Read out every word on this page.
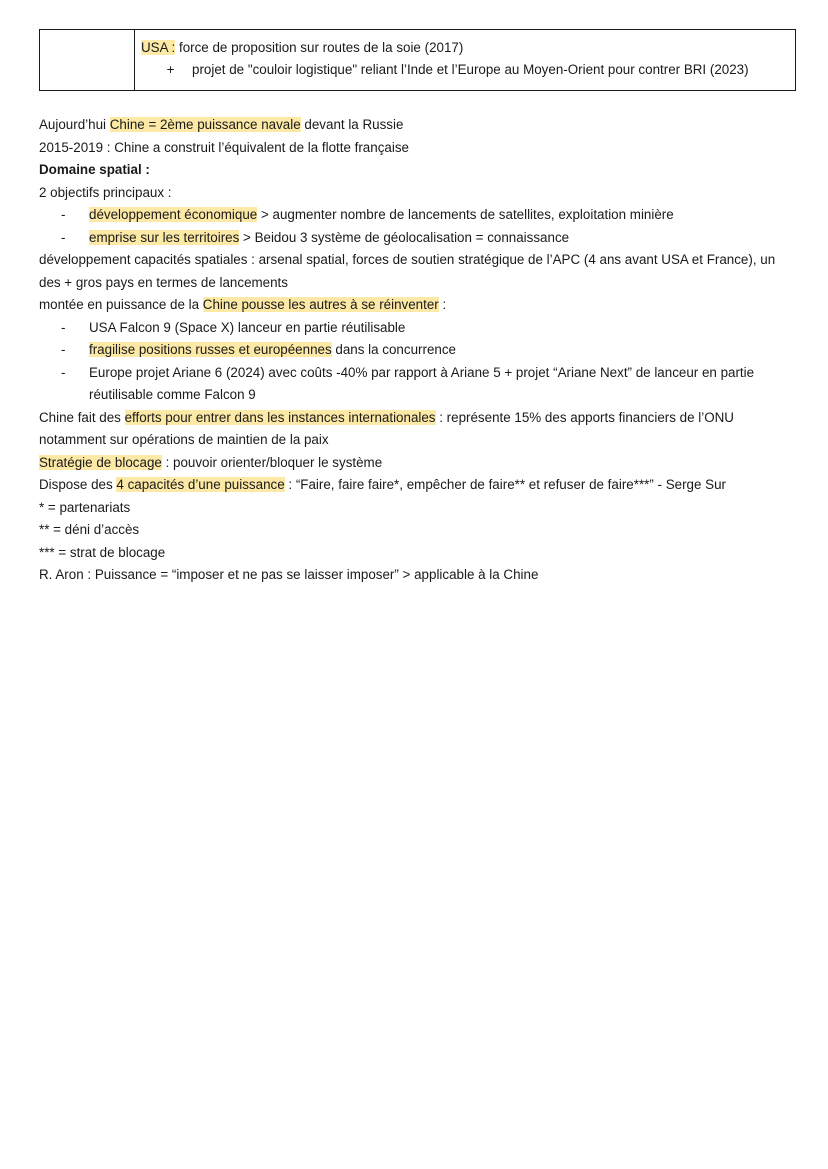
USA : force de proposition sur routes de la soie (2017)
+	projet de "couloir logistique" reliant l’Inde et l’Europe au Moyen-Orient pour contrer BRI (2023)
Aujourd’hui Chine = 2ème puissance navale devant la Russie
2015-2019 : Chine a construit l’équivalent de la flotte française
Domaine spatial :
2 objectifs principaux :
-	développement économique > augmenter nombre de lancements de satellites, exploitation minière
-	emprise sur les territoires > Beidou 3 système de géolocalisation = connaissance
développement capacités spatiales : arsenal spatial, forces de soutien stratégique de l’APC (4 ans avant USA et France), un des + gros pays en termes de lancements
montée en puissance de la Chine pousse les autres à se réinventer :
-	USA Falcon 9 (Space X) lanceur en partie réutilisable
-	fragilise positions russes et européennes dans la concurrence
-	Europe projet Ariane 6 (2024) avec coûts -40% par rapport à Ariane 5 + projet “Ariane Next” de lanceur en partie réutilisable comme Falcon 9
Chine fait des efforts pour entrer dans les instances internationales : représente 15% des apports financiers de l’ONU notamment sur opérations de maintien de la paix
Stratégie de blocage : pouvoir orienter/bloquer le système
Dispose des 4 capacités d’une puissance : “Faire, faire faire*, empêcher de faire** et refuser de faire***” - Serge Sur
* = partenariats
** = déni d’accès
*** = strat de blocage
R. Aron : Puissance = “imposer et ne pas se laisser imposer” > applicable à la Chine
